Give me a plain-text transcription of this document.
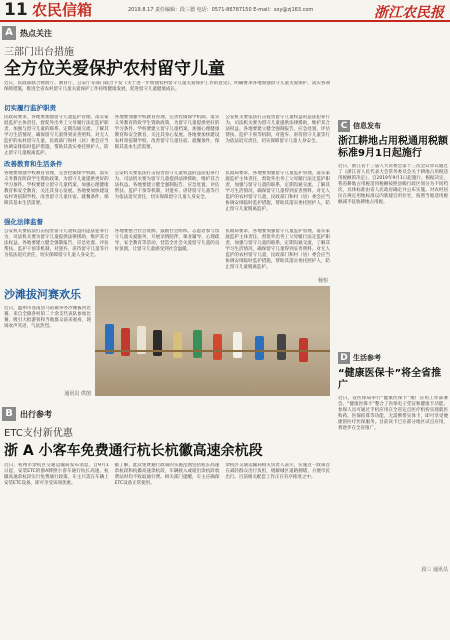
11 农民信箱	2019.8.17 责任编辑：段三德 电话：0571-86787150 E-mail：sxy@zj163.com	浙江农民报
A 热点关注
三部门出台措施
全方位关爱保护农村留守儿童
近日，民政部联合财政厅、教育厅、公安厅等部门联合下发《关于进一步加强农村留守儿童关爱保护工作的意见》，明确要求各地加强留守儿童关爱保护，落实各项保障措施，推进全省农村留守儿童关爱保护工作持续健康发展，促进留守儿童健康成长。
切实履行监护职责
民政局要求，各地要加强留守儿童监护管理，落实家庭监护主体责任，督促外出务工父母履行法定监护职责，加强与留守儿童的联系，定期沟通交流，了解其学习生活情况，确保留守儿童得到妥善照料。对无人监护的农村留守儿童，民政部门和村（居）委会应当协调安排临时监护措施，帮助其落实委托照护人，防止留守儿童脱离监护。
各地要加强学校教育管理，完善控辍保学机制，落实义务教育阶段学生资助政策，为留守儿童提供更好的学习条件。学校要建立留守儿童档案，加强心理健康教育和安全教育，关注其身心发展。各地要加快建设农村寄宿制学校，改善留守儿童住宿、就餐条件，保障其基本生活需要。
公安机关要依法打击侵害留守儿童权益的违法犯罪行为，司法机关要为留守儿童提供法律援助，维护其合法权益。各地要建立健全强制报告、应急处置、评估帮扶、监护干预等机制，对遗弃、虐待留守儿童等行为依法追究责任，切实保障留守儿童人身安全。
改善教育和生活条件
各地要加强学校教育管理，完善控辍保学机制，落实义务教育阶段学生资助政策，为留守儿童提供更好的学习条件。学校要建立留守儿童档案，加强心理健康教育和安全教育，关注其身心发展。各地要加快建设农村寄宿制学校，改善留守儿童住宿、就餐条件，保障其基本生活需要。
公安机关要依法打击侵害留守儿童权益的违法犯罪行为，司法机关要为留守儿童提供法律援助，维护其合法权益。各地要建立健全强制报告、应急处置、评估帮扶、监护干预等机制，对遗弃、虐待留守儿童等行为依法追究责任，切实保障留守儿童人身安全。
民政局要求，各地要加强留守儿童监护管理，落实家庭监护主体责任，督促外出务工父母履行法定监护职责，加强与留守儿童的联系，定期沟通交流，了解其学习生活情况，确保留守儿童得到妥善照料。对无人监护的农村留守儿童，民政部门和村（居）委会应当协调安排临时监护措施，帮助其落实委托照护人，防止留守儿童脱离监护。
强化法律监督
公安机关要依法打击侵害留守儿童权益的违法犯罪行为，司法机关要为留守儿童提供法律援助，维护其合法权益。各地要建立健全强制报告、应急处置、评估帮扶、监护干预等机制，对遗弃、虐待留守儿童等行为依法追究责任，切实保障留守儿童人身安全。
各地要整合社会资源，鼓励社会组织、志愿者参与留守儿童关爱服务，开展亲情陪伴、课业辅导、心理疏导、安全教育等活动，营造全社会关爱留守儿童的良好氛围，让留守儿童感受到社会温暖。
民政局要求，各地要加强留守儿童监护管理，落实家庭监护主体责任，督促外出务工父母履行法定监护职责，加强与留守儿童的联系，定期沟通交流，了解其学习生活情况，确保留守儿童得到妥善照料。对无人监护的农村留守儿童，民政部门和村（居）委会应当协调安排临时监护措施，帮助其落实委托照护人，防止留守儿童脱离监护。
杨恒
沙滩拔河赛欢乐
近日，温州市苍南县马站镇举办沙滩拔河比赛，来自全镇各村的二十余支代表队参加比赛，吸引大批游客和当地群众前来观看，现场欢声笑语，气氛热烈。
通讯员 供图
B 出行参考
ETC支付新优惠
浙 A 小客车免费通行杭长杭徽高速余杭段
近日，杭州市余杭区交通运输局发布消息，自9月1日起，安装ETC的浙A牌照小客车通行杭长高速、杭徽高速余杭段实行免费通行政策。车主只需在车辆上安装ETC设备，即可享受该项优惠。
据了解，此次免费通行政策的实施范围包括杭长高速余杭段和杭徽高速余杭段，车辆驶入或驶出余杭段收费站时均不收取通行费。相关部门提醒，车主应确保ETC设备正常使用。
余杭区交通运输局相关负责人表示，实施这一政策旨在减轻群众出行负担，缓解城区道路拥堵，方便市民出行。目前相关配套工作正在有序推进之中。
C 信息发布
浙江耕地占用税通用税额标准9月1日起施行
近日，浙江省十三届人大常委会第十三次会议审议通过了《浙江省人民代表大会常务委员会关于耕地占用税适用税额的决定》，自2019年9月1日起施行。根据决定，我省耕地占用税适用税额按照县级行政区划分为不同档次，具体标准由省人民政府确定并公布实施。对农村居民在规定用地标准以内新建自用住宅，按照当地适用税额减半征收耕地占用税。
D 生活参考
“健康医保卡”将全省推广
近日，省医保局举行“健康医保卡”推广应用工作部署会。“健康医保卡”整合了医保电子凭证和健康卡功能，参保人员可通过手机应用在全省定点医疗机构实现就医购药、医保结算等功能，无需携带实体卡，即可享受便捷的医疗医保服务。目前该卡已在部分地区试点应用，将逐步在全省推广。
段三 通讯员
